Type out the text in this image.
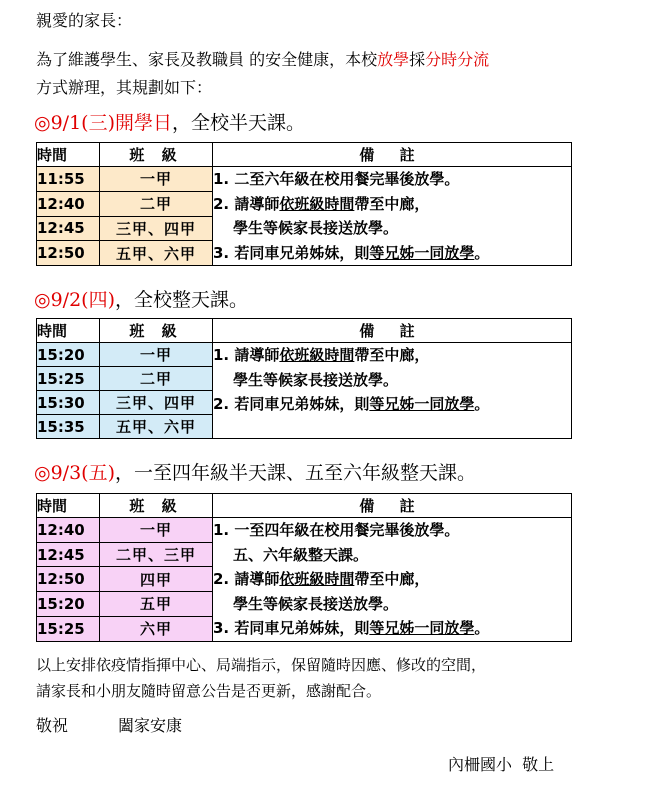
親愛的家長：
為了維護學生、家長及教職員 的安全健康，本校放學採分時分流
方式辦理，其規劃如下：
◎9/1(三)開學日，全校半天課。
時間	班 級	備 註
11:55	一甲	1. 二至六年級在校用餐完畢後放學。
2. 請導師依班級時間帶至中廊，
學生等候家長接送放學。
3. 若同車兄弟姊妹，則等兄姊一同放學。

12:40	二甲	
12:45	三甲、四甲	
12:50	五甲、六甲	
◎9/2(四)，全校整天課。
時間	班 級	備 註
15:20	一甲	1. 請導師依班級時間帶至中廊，
學生等候家長接送放學。
2. 若同車兄弟姊妹，則等兄姊一同放學。

15:25	二甲	
15:30	三甲、四甲	
15:35	五甲、六甲	
◎9/3(五)，一至四年級半天課、五至六年級整天課。
時間	班 級	備 註
12:40	一甲	1. 一至四年級在校用餐完畢後放學。
五、六年級整天課。
2. 請導師依班級時間帶至中廊，
學生等候家長接送放學。
3. 若同車兄弟姊妹，則等兄姊一同放學。

12:45	二甲、三甲	
12:50	四甲	
15:20	五甲	
15:25	六甲	
以上安排依疫情指揮中心、局端指示，保留隨時因應、修改的空間，
請家長和小朋友隨時留意公告是否更新，感謝配合。
敬祝	闔家安康
內柵國小  敬上
